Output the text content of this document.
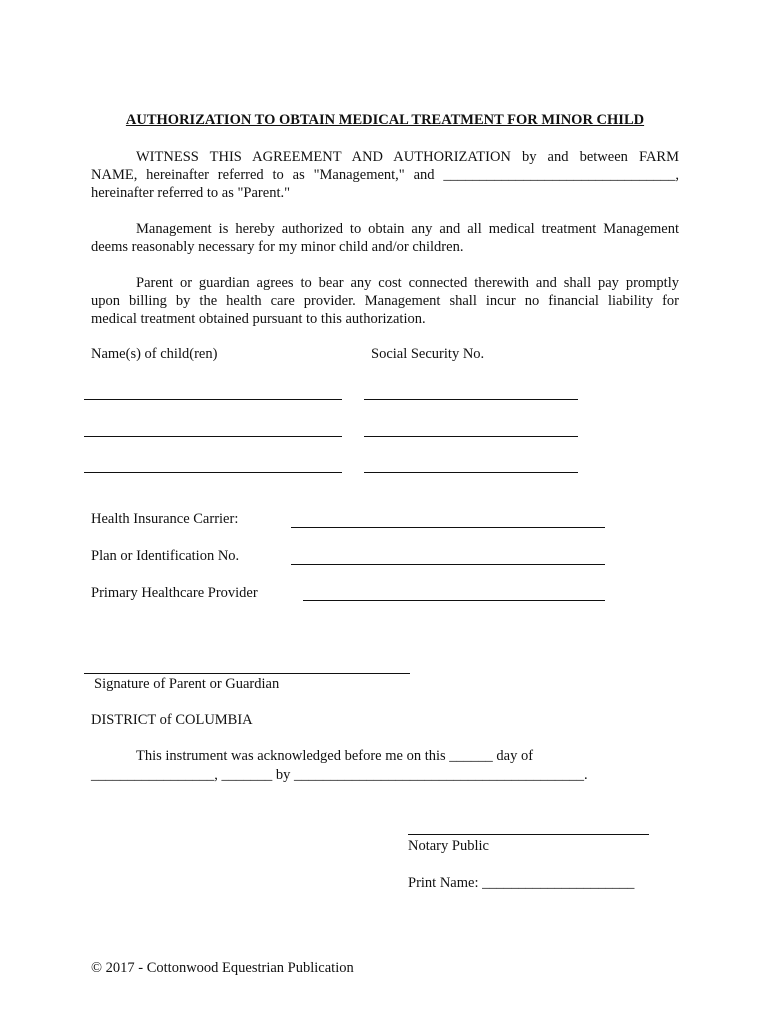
AUTHORIZATION TO OBTAIN MEDICAL TREATMENT FOR MINOR CHILD
WITNESS THIS AGREEMENT AND AUTHORIZATION by and between FARM
NAME, hereinafter referred to as "Management," and ________________________________,
hereinafter referred to as "Parent."
Management is hereby authorized to obtain any and all medical treatment Management
deems reasonably necessary for my minor child and/or children.
Parent or guardian agrees to bear any cost connected therewith and shall pay promptly
upon billing by the health care provider. Management shall incur no financial liability for
medical treatment obtained pursuant to this authorization.
Name(s) of child(ren)	Social Security No.
Health Insurance Carrier:
Plan or Identification No.
Primary Healthcare Provider
Signature of Parent or Guardian
DISTRICT of COLUMBIA
This instrument was acknowledged before me on this ______ day of
_________________, _______ by ________________________________________.
Notary Public
Print Name: _____________________
© 2017 - Cottonwood Equestrian Publication
